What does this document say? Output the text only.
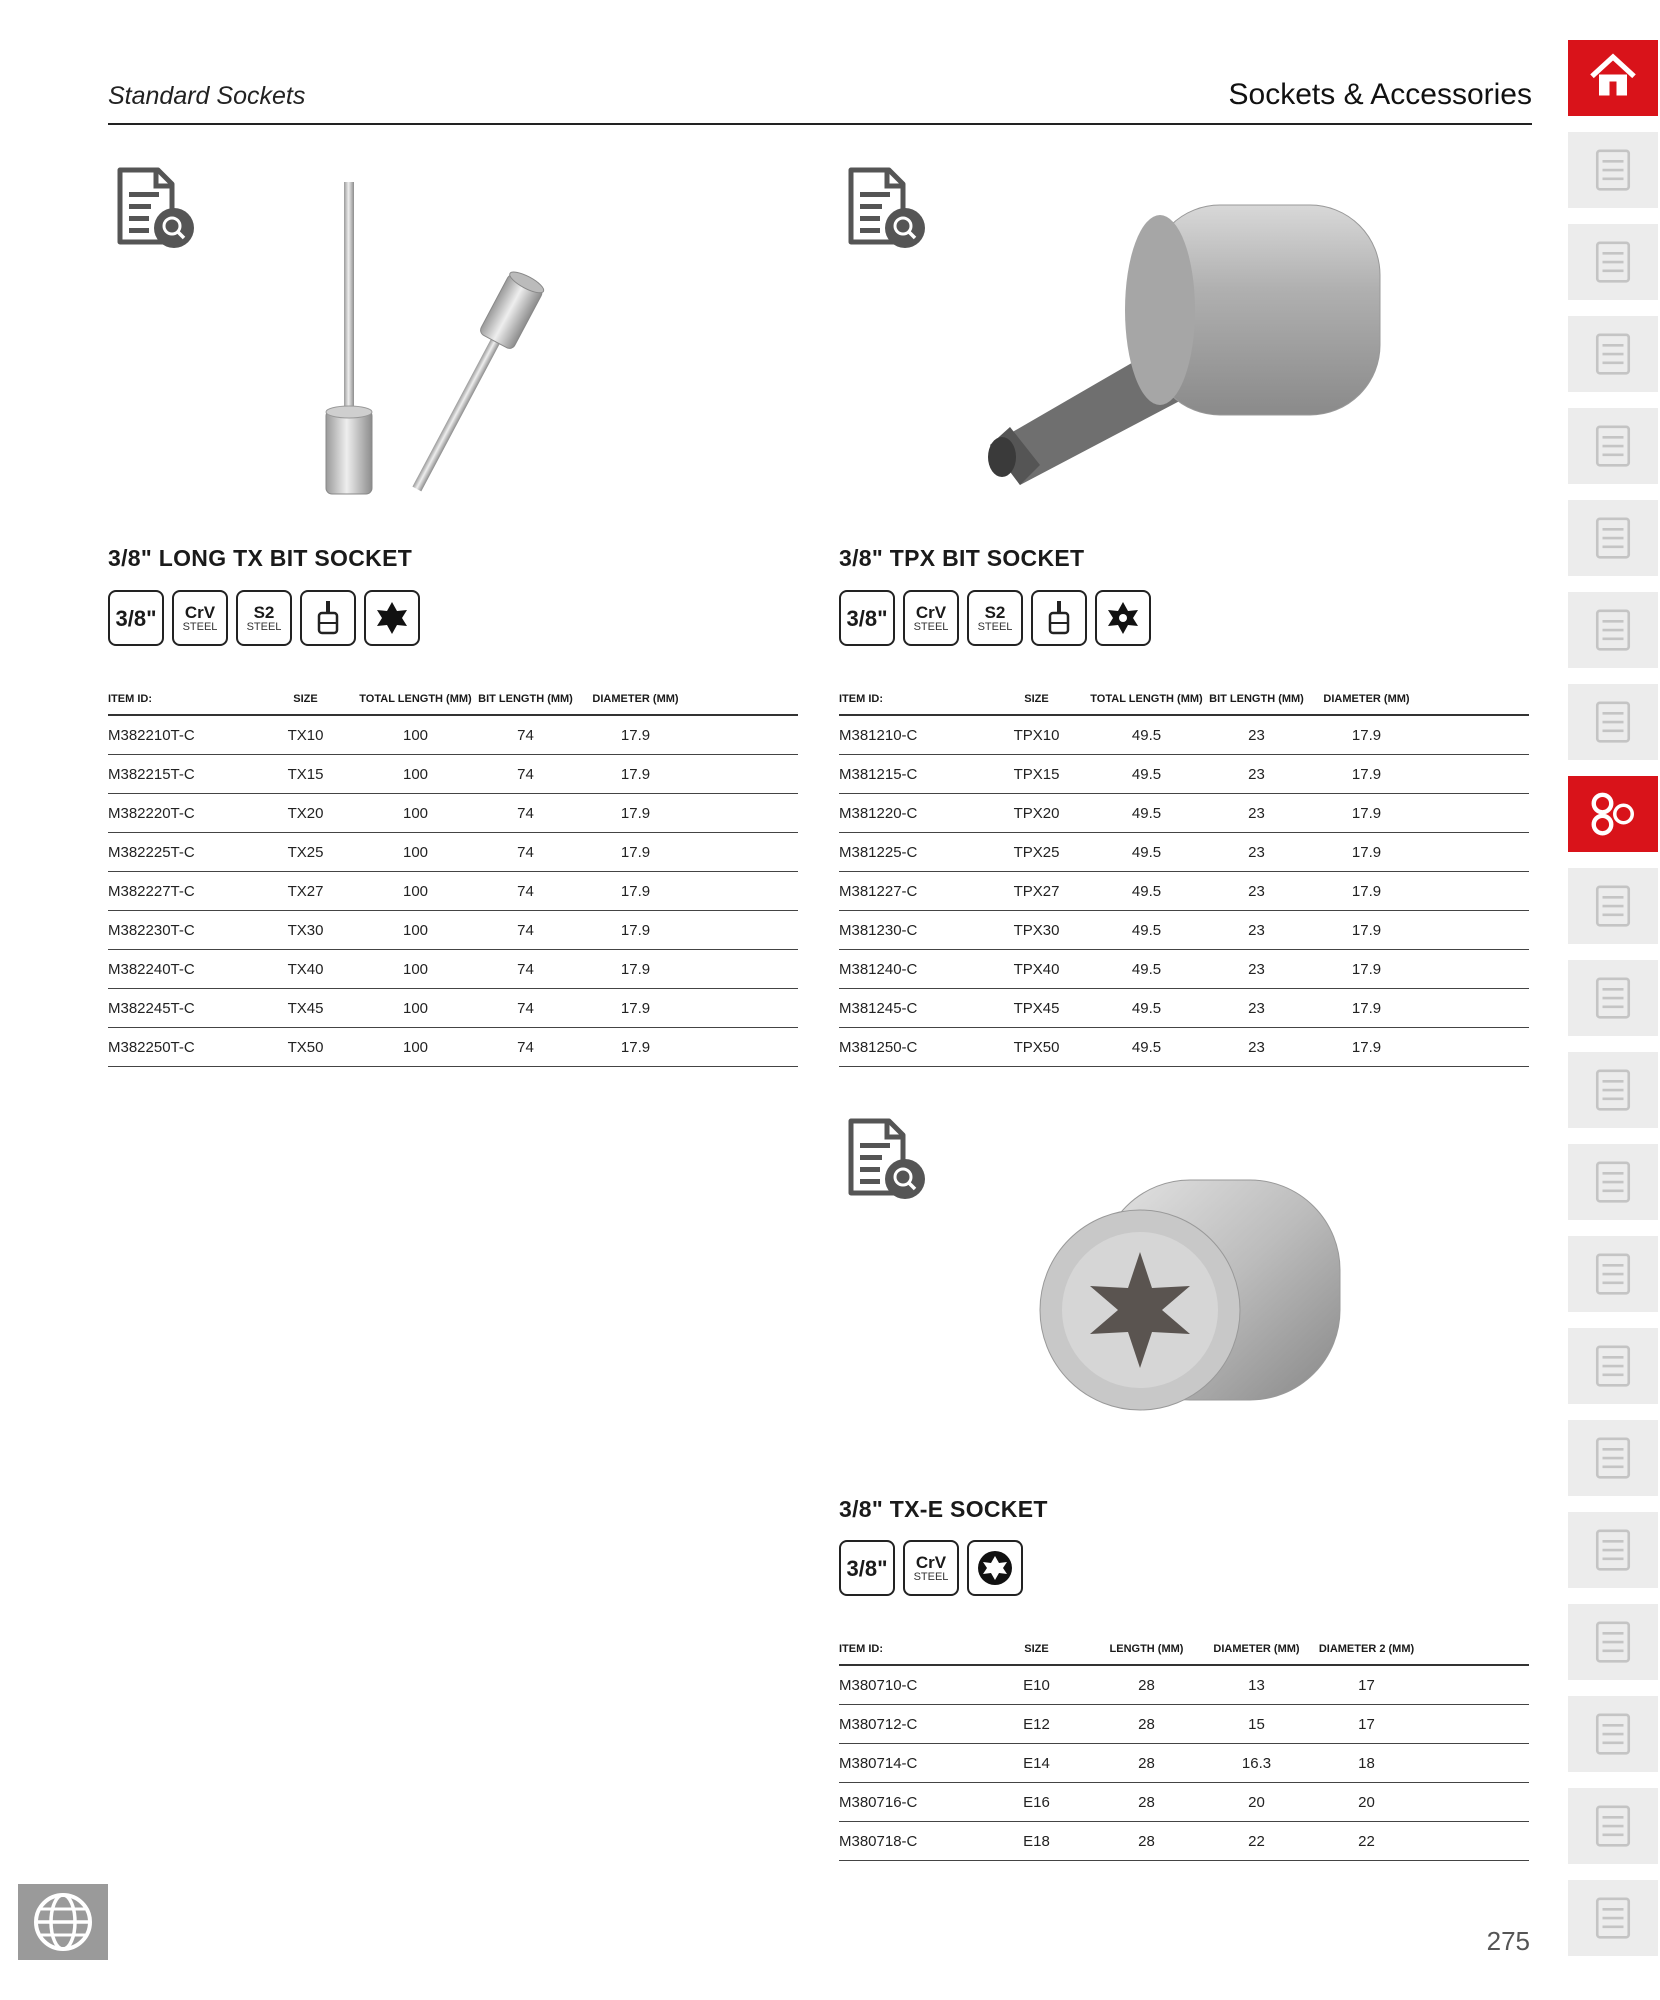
Standard Sockets	Sockets & Accessories
3/8" LONG TX BIT SOCKET
3/8" CrV
STEEL
S2
STEEL
ITEM ID:	SIZE	TOTAL LENGTH (MM)	BIT LENGTH (MM)	DIAMETER (MM)	
M382210T-C	TX10	100	74	17.9	
M382215T-C	TX15	100	74	17.9	
M382220T-C	TX20	100	74	17.9	
M382225T-C	TX25	100	74	17.9	
M382227T-C	TX27	100	74	17.9	
M382230T-C	TX30	100	74	17.9	
M382240T-C	TX40	100	74	17.9	
M382245T-C	TX45	100	74	17.9	
M382250T-C	TX50	100	74	17.9	
3/8" TPX BIT SOCKET
3/8" CrV
STEEL
S2
STEEL
ITEM ID:	SIZE	TOTAL LENGTH (MM)	BIT LENGTH (MM)	DIAMETER (MM)	
M381210-C	TPX10	49.5	23	17.9	
M381215-C	TPX15	49.5	23	17.9	
M381220-C	TPX20	49.5	23	17.9	
M381225-C	TPX25	49.5	23	17.9	
M381227-C	TPX27	49.5	23	17.9	
M381230-C	TPX30	49.5	23	17.9	
M381240-C	TPX40	49.5	23	17.9	
M381245-C	TPX45	49.5	23	17.9	
M381250-C	TPX50	49.5	23	17.9	
3/8" TX-E SOCKET
3/8" CrV
STEEL
ITEM ID:	SIZE	LENGTH (MM)	DIAMETER (MM)	DIAMETER 2 (MM)	
M380710-C	E10	28	13	17	
M380712-C	E12	28	15	17	
M380714-C	E14	28	16.3	18	
M380716-C	E16	28	20	20	
M380718-C	E18	28	22	22	
275
